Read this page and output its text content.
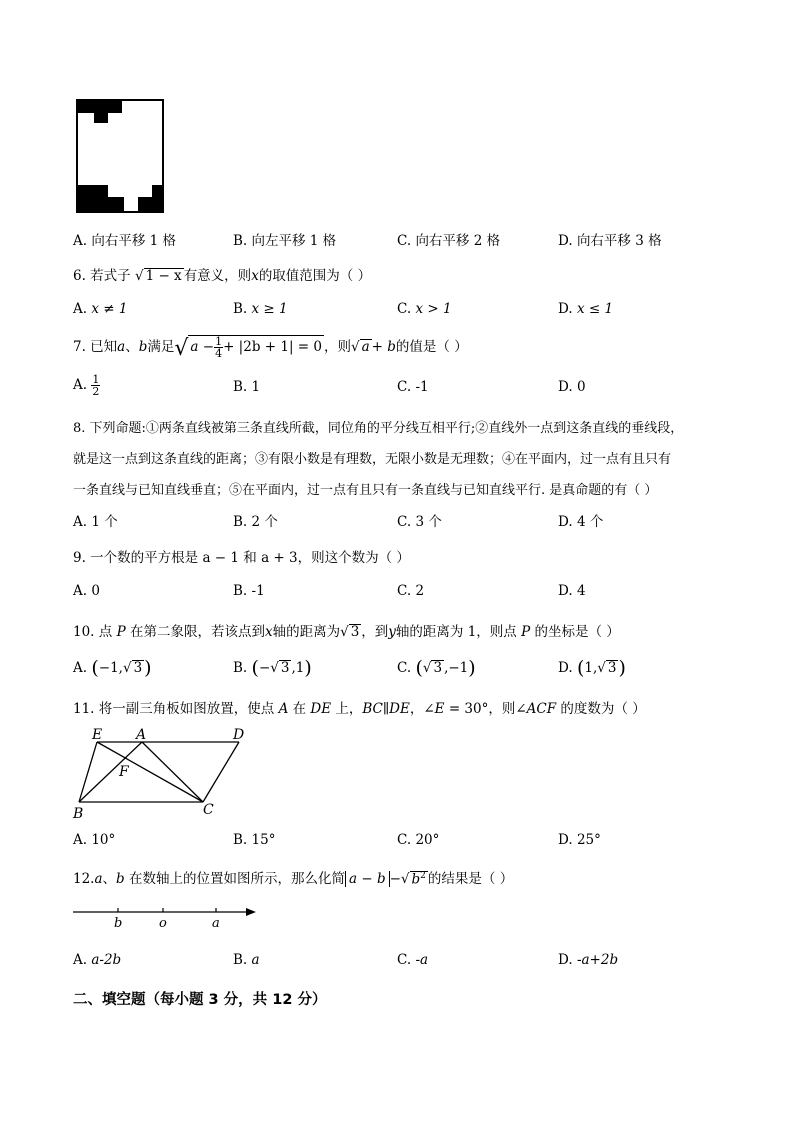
A. 向右平移 1 格	B. 向左平移 1 格	C. 向右平移 2 格	D. 向右平移 3 格
6. 若式子 √ 1 − x 有意义，则x的取值范围为（ ）
A. x ≠ 1	B. x ≥ 1	C. x > 1	D. x ≤ 1
7. 已知a、b满足√ $a - \frac{1}{4} + |2b + 1| = 0$ ，则√ a + b的值是（ ）
A. $\frac{1}{2}$	B. 1	C. -1	D. 0
8. 下列命题:①两条直线被第三条直线所截，同位角的平分线互相平行;②直线外一点到这条直线的垂线段，
就是这一点到这条直线的距离；③有限小数是有理数，无限小数是无理数；④在平面内，过一点有且只有
一条直线与已知直线垂直；⑤在平面内，过一点有且只有一条直线与已知直线平行. 是真命题的有（ ）
A. 1 个	B. 2 个	C. 3 个	D. 4 个
9. 一个数的平方根是 a − 1 和 a + 3，则这个数为（ ）
A. 0	B. -1	C. 2	D. 4
10. 点 P 在第二象限，若该点到x轴的距离为√ 3 ，到y轴的距离为 1，则点 P 的坐标是（ ）
A. (−1,√ 3 )	B. (−√ 3 ,1)	C. (√ 3 ,−1)	D. (1,√ 3 )
11. 将一副三角板如图放置，使点 A 在 DE 上，BC∥DE，∠E = 30°，则∠ACF 的度数为（ ）
E A	D
F
B	C
A. 10°	B. 15°	C. 20°	D. 25°
12.a、b 在数轴上的位置如图所示，那么化简 a − b −√ $b^2$ 的结果是（ ）
b	o	a
A. a-2b	B. a	C. -a	D. -a+2b
二、填空题（每小题 3 分，共 12 分）
